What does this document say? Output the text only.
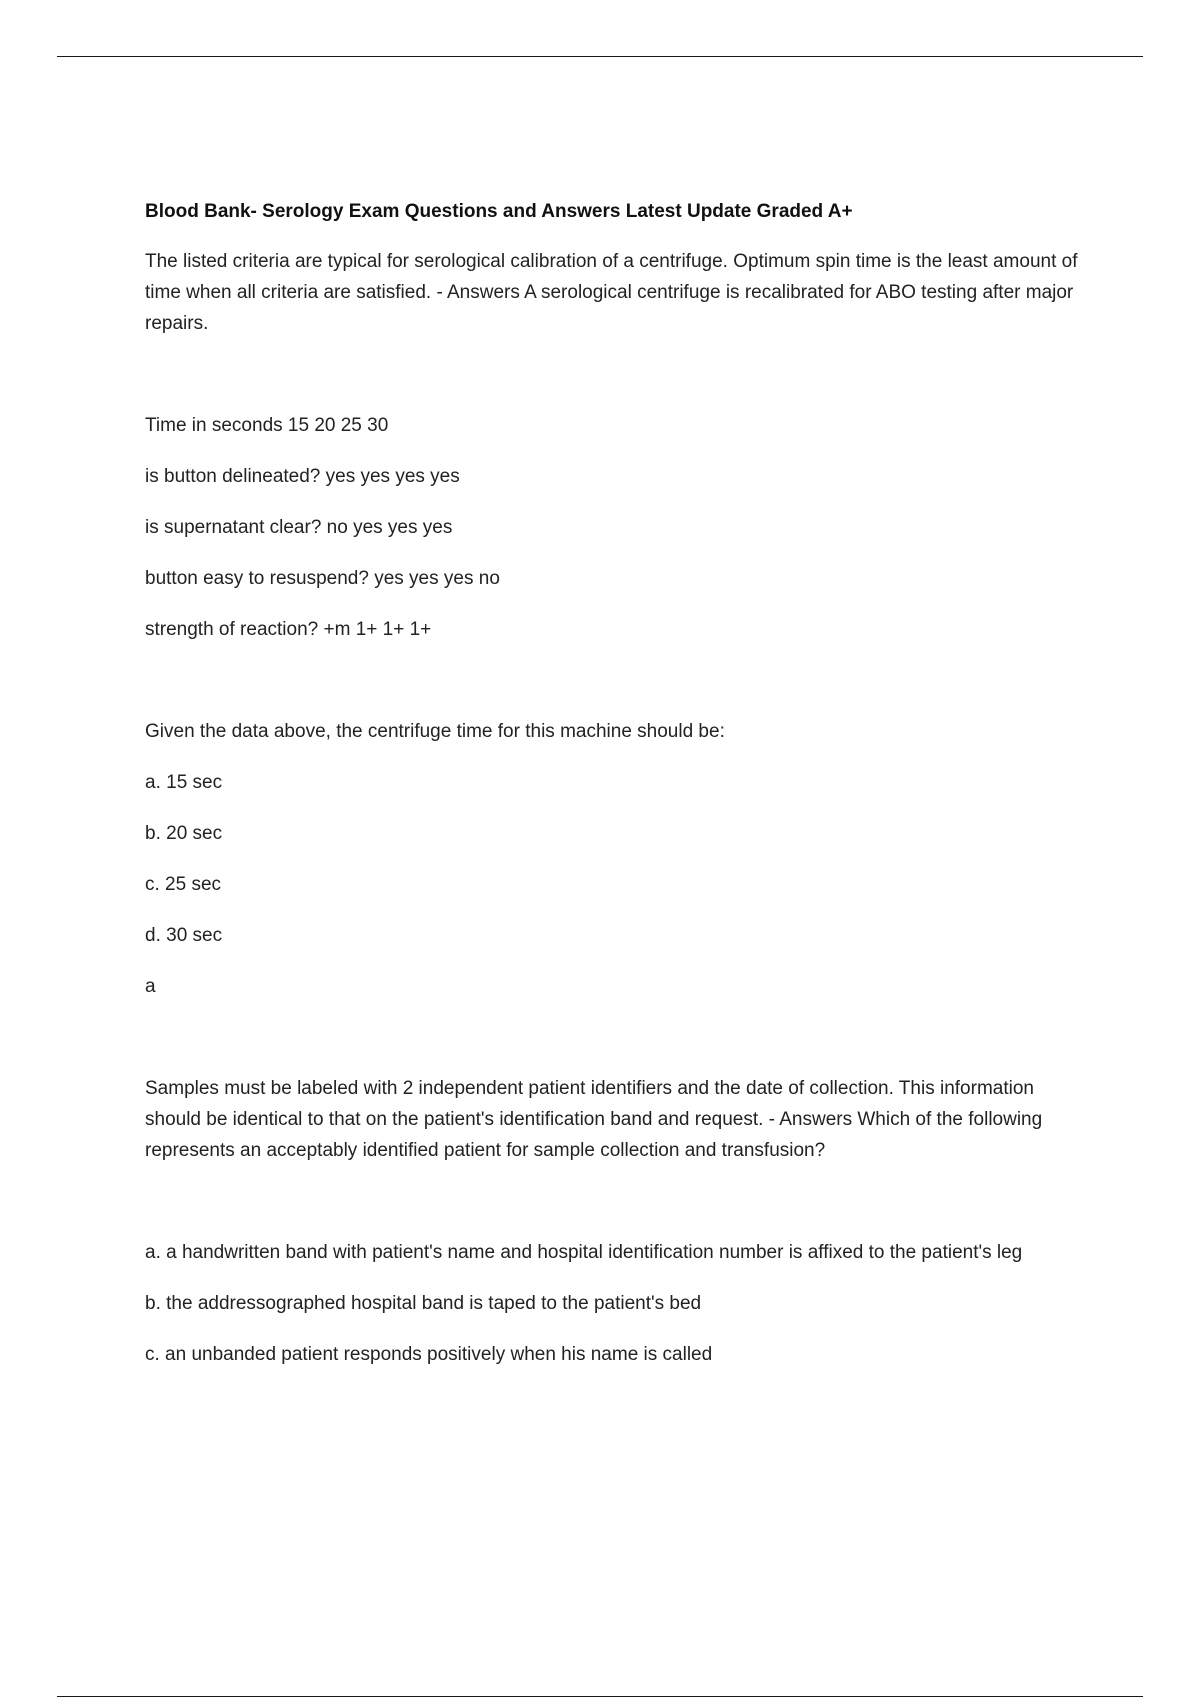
Blood Bank- Serology Exam Questions and Answers Latest Update Graded A+

The listed criteria are typical for serological calibration of a centrifuge. Optimum spin time is the least amount of time when all criteria are satisfied. - Answers A serological centrifuge is recalibrated for ABO testing after major repairs.

Time in seconds 15 20 25 30

is button delineated? yes yes yes yes

is supernatant clear? no yes yes yes

button easy to resuspend? yes yes yes no

strength of reaction? +m 1+ 1+ 1+

Given the data above, the centrifuge time for this machine should be:

a. 15 sec

b. 20 sec

c. 25 sec

d. 30 sec

a

Samples must be labeled with 2 independent patient identifiers and the date of collection. This information should be identical to that on the patient's identification band and request. - Answers Which of the following represents an acceptably identified patient for sample collection and transfusion?

a. a handwritten band with patient's name and hospital identification number is affixed to the patient's leg

b. the addressographed hospital band is taped to the patient's bed

c. an unbanded patient responds positively when his name is called
